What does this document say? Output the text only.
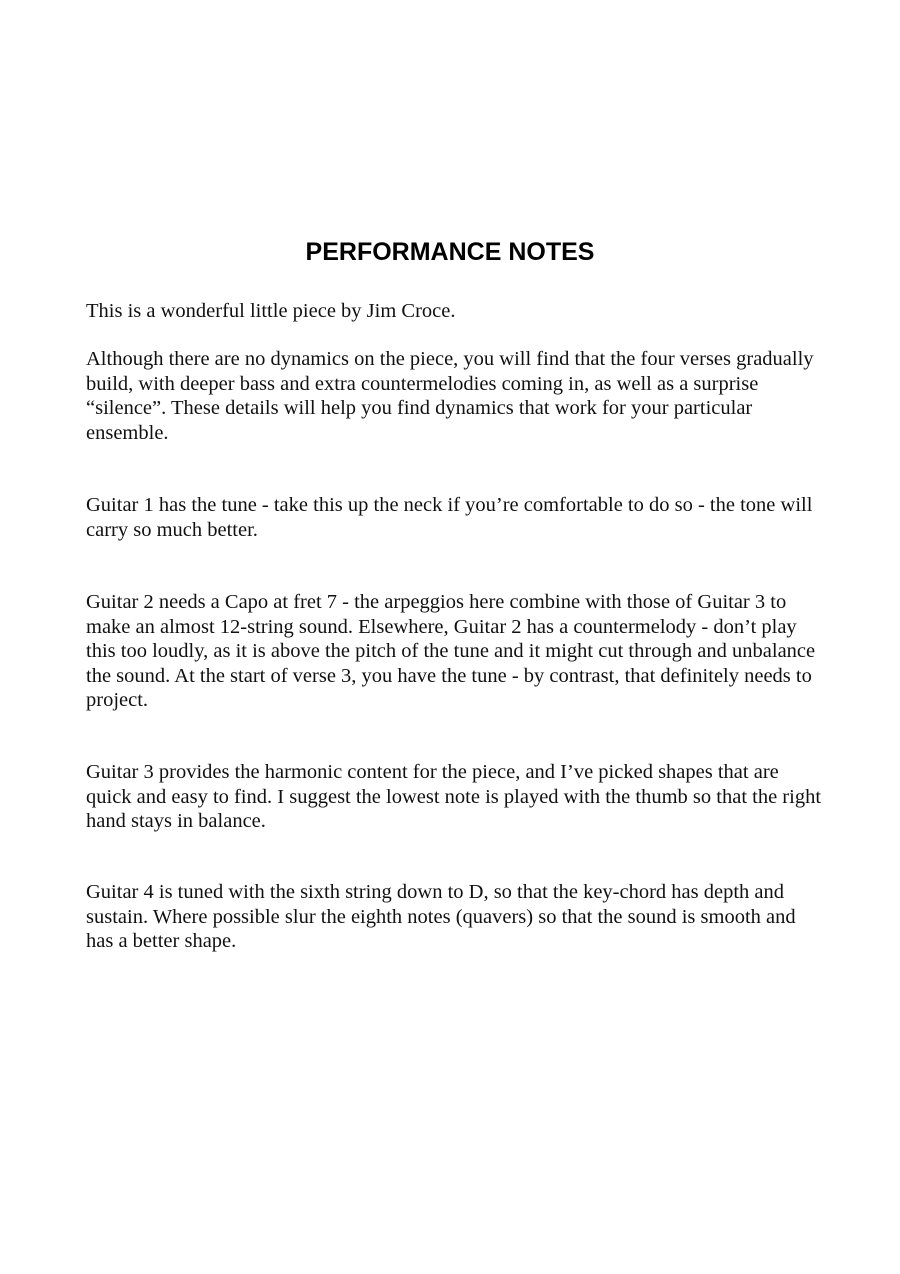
PERFORMANCE NOTES

This is a wonderful little piece by Jim Croce.

Although there are no dynamics on the piece, you will find that the four verses gradually build, with deeper bass and extra countermelodies coming in, as well as a surprise “silence”. These details will help you find dynamics that work for your particular ensemble.

Guitar 1 has the tune - take this up the neck if you’re comfortable to do so - the tone will carry so much better.

Guitar 2 needs a Capo at fret 7 - the arpeggios here combine with those of Guitar 3 to make an almost 12-string sound. Elsewhere, Guitar 2 has a countermelody - don’t play this too loudly, as it is above the pitch of the tune and it might cut through and unbalance the sound. At the start of verse 3, you have the tune - by contrast, that definitely needs to project.

Guitar 3 provides the harmonic content for the piece, and I’ve picked shapes that are quick and easy to find. I suggest the lowest note is played with the thumb so that the right hand stays in balance.

Guitar 4 is tuned with the sixth string down to D, so that the key-chord has depth and sustain. Where possible slur the eighth notes (quavers) so that the sound is smooth and has a better shape.
